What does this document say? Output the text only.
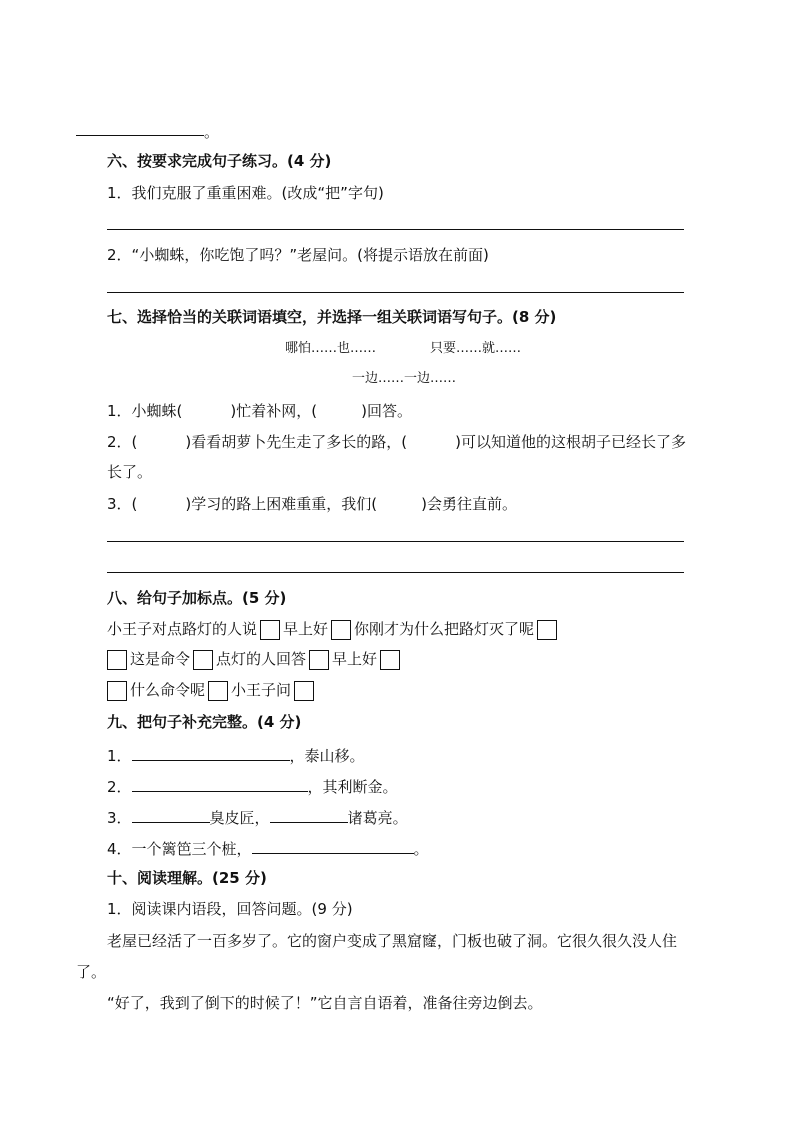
。
六、按要求完成句子练习。(4 分)
1．我们克服了重重困难。(改成“把”字句)
2．“小蜘蛛，你吃饱了吗？”老屋问。(将提示语放在前面)
七、选择恰当的关联词语填空，并选择一组关联词语写句子。(8 分)
哪怕……也……	只要……就……
一边……一边……
1．小蜘蛛(	)忙着补网，(	)回答。
2．(	)看看胡萝卜先生走了多长的路，(	)可以知道他的这根胡子已经长了多
长了。
3．(	)学习的路上困难重重，我们(	)会勇往直前。
八、给句子加标点。(5 分)
小王子对点路灯的人说 早上好 你刚才为什么把路灯灭了呢
这是命令 点灯的人回答 早上好
什么命令呢 小王子问
九、把句子补充完整。(4 分)
1．	，泰山移。
2．	，其利断金。
3．	臭皮匠，	诸葛亮。
4．一个篱笆三个桩，	。
十、阅读理解。(25 分)
1．阅读课内语段，回答问题。(9 分)
老屋已经活了一百多岁了。它的窗户变成了黑窟窿，门板也破了洞。它很久很久没人住
了。
“好了，我到了倒下的时候了！”它自言自语着，准备往旁边倒去。
